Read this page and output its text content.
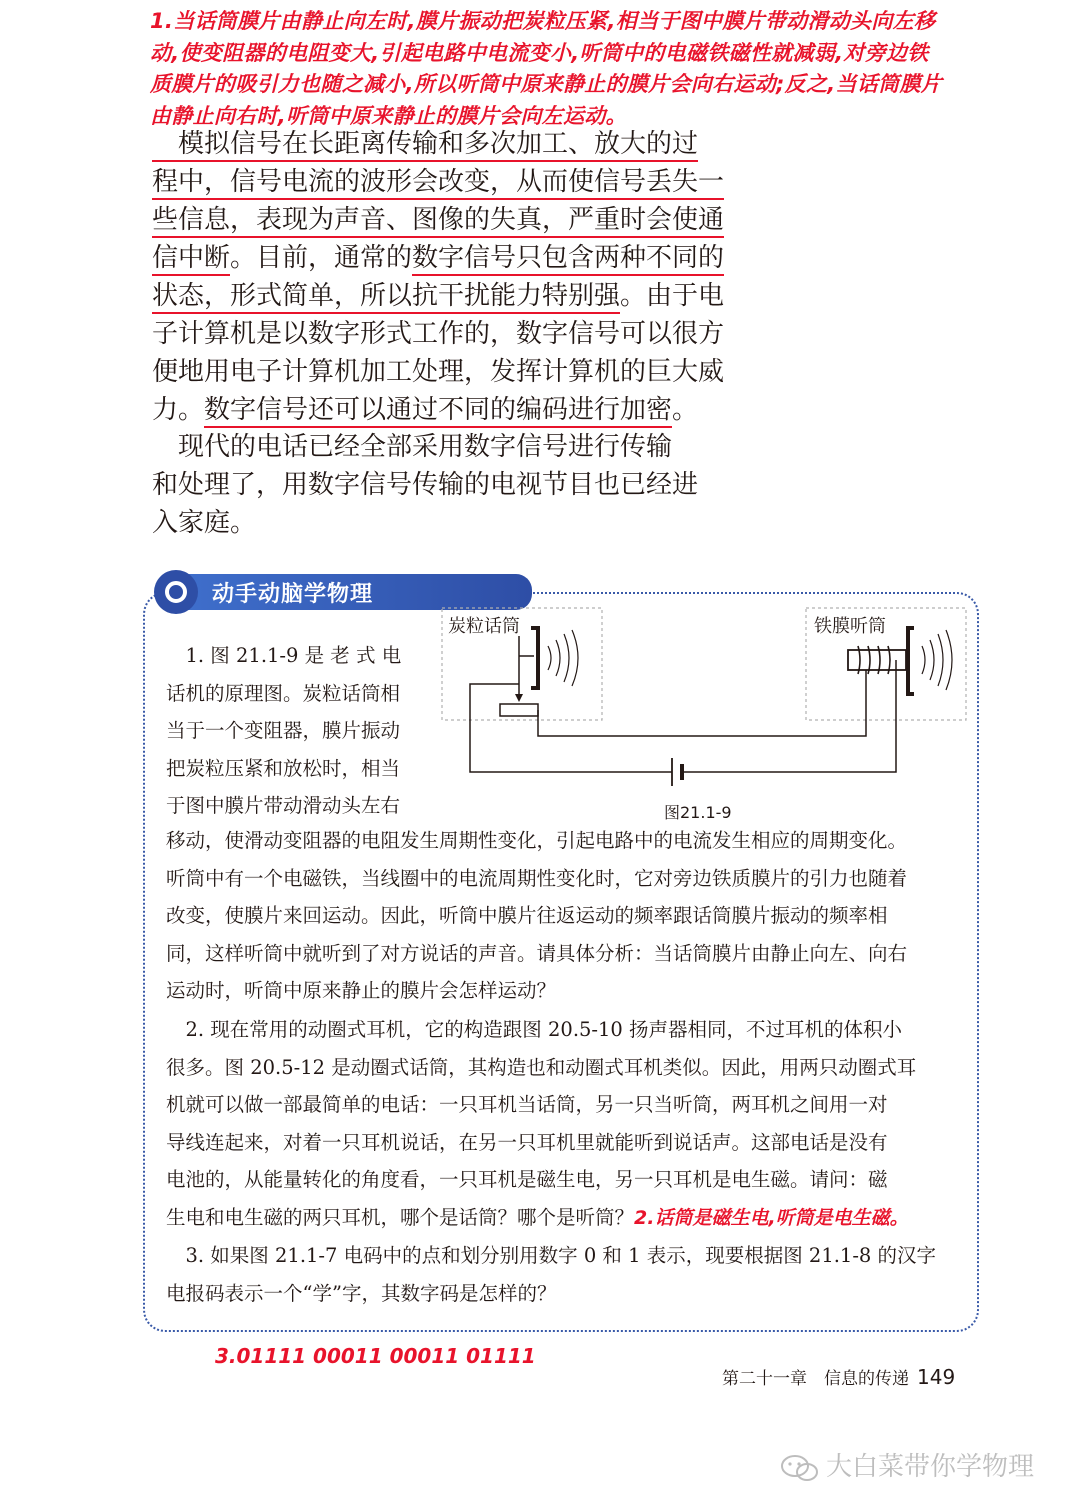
1.当话筒膜片由静止向左时,膜片振动把炭粒压紧,相当于图中膜片带动滑动头向左移
动,使变阻器的电阻变大,引起电路中电流变小,听筒中的电磁铁磁性就减弱,对旁边铁
质膜片的吸引力也随之减小,所以听筒中原来静止的膜片会向右运动;反之,当话筒膜片
由静止向右时,听筒中原来静止的膜片会向左运动。
　模拟信号在长距离传输和多次加工、放大的过
程中，信号电流的波形会改变，从而使信号丢失一
些信息，表现为声音、图像的失真，严重时会使通
信中断。目前，通常的数字信号只包含两种不同的
状态，形式简单，所以抗干扰能力特别强。由于电
子计算机是以数字形式工作的，数字信号可以很方
便地用电子计算机加工处理，发挥计算机的巨大威
力。数字信号还可以通过不同的编码进行加密。
　现代的电话已经全部采用数字信号进行传输
和处理了，用数字信号传输的电视节目也已经进
入家庭。
动手动脑学物理
炭粒话筒	铁膜听筒
图21.1-9
　1. 图 21.1-9 是 老 式 电
话机的原理图。炭粒话筒相
当于一个变阻器，膜片振动
把炭粒压紧和放松时，相当
于图中膜片带动滑动头左右
移动，使滑动变阻器的电阻发生周期性变化，引起电路中的电流发生相应的周期变化。
听筒中有一个电磁铁，当线圈中的电流周期性变化时，它对旁边铁质膜片的引力也随着
改变，使膜片来回运动。因此，听筒中膜片往返运动的频率跟话筒膜片振动的频率相
同，这样听筒中就听到了对方说话的声音。请具体分析：当话筒膜片由静止向左、向右
运动时，听筒中原来静止的膜片会怎样运动？
　2. 现在常用的动圈式耳机，它的构造跟图 20.5-10 扬声器相同，不过耳机的体积小
很多。图 20.5-12 是动圈式话筒，其构造也和动圈式耳机类似。因此，用两只动圈式耳
机就可以做一部最简单的电话：一只耳机当话筒，另一只当听筒，两耳机之间用一对
导线连起来，对着一只耳机说话，在另一只耳机里就能听到说话声。这部电话是没有
电池的，从能量转化的角度看，一只耳机是磁生电，另一只耳机是电生磁。请问：磁
生电和电生磁的两只耳机，哪个是话筒？哪个是听筒？2.话筒是磁生电,听筒是电生磁。
　3. 如果图 21.1-7 电码中的点和划分别用数字 0 和 1 表示，现要根据图 21.1-8 的汉字
电报码表示一个“学”字，其数字码是怎样的？
3.01111 00011 00011 01111
第二十一章　信息的传递 149
大白菜带你学物理
